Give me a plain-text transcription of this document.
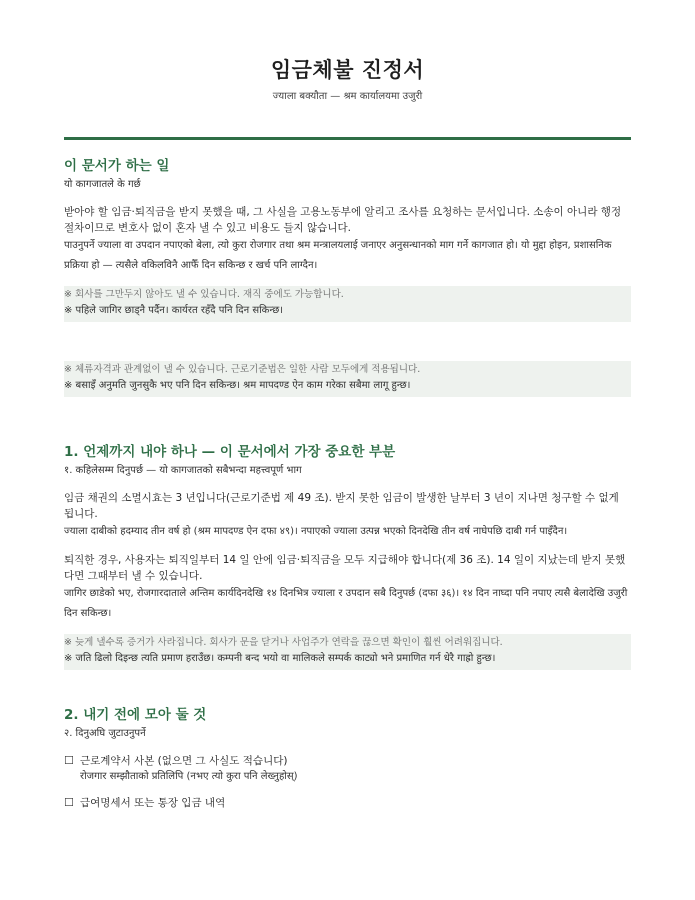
임금체불 진정서
ज्याला बक्यौता — श्रम कार्यालयमा उजुरी
이 문서가 하는 일
यो कागजातले के गर्छ
받아야 할 임금·퇴직금을 받지 못했을 때, 그 사실을 고용노동부에 알리고 조사를 요청하는 문서입니다. 소송이 아니라 행정 절차이므로 변호사 없이 혼자 낼 수 있고 비용도 들지 않습니다.
पाउनुपर्ने ज्याला वा उपदान नपाएको बेला, त्यो कुरा रोजगार तथा श्रम मन्त्रालयलाई जनाएर अनुसन्धानको माग गर्ने कागजात हो। यो मुद्दा होइन, प्रशासनिक प्रक्रिया हो — त्यसैले वकिलविनै आफैँ दिन सकिन्छ र खर्च पनि लाग्दैन।
※ 회사를 그만두지 않아도 낼 수 있습니다. 재직 중에도 가능합니다.
※ पहिले जागिर छाड्नै पर्दैन। कार्यरत रहँदै पनि दिन सकिन्छ।
※ 체류자격과 관계없이 낼 수 있습니다. 근로기준법은 일한 사람 모두에게 적용됩니다.
※ बसाइँ अनुमति जुनसुकै भए पनि दिन सकिन्छ। श्रम मापदण्ड ऐन काम गरेका सबैमा लागू हुन्छ।
1. 언제까지 내야 하나 — 이 문서에서 가장 중요한 부분
१. कहिलेसम्म दिनुपर्छ — यो कागजातको सबैभन्दा महत्त्वपूर्ण भाग
임금 채권의 소멸시효는 3 년입니다(근로기준법 제 49 조). 받지 못한 임금이 발생한 날부터 3 년이 지나면 청구할 수 없게 됩니다.
ज्याला दाबीको हदम्याद तीन वर्ष हो (श्रम मापदण्ड ऐन दफा ४९)। नपाएको ज्याला उत्पन्न भएको दिनदेखि तीन वर्ष नाघेपछि दाबी गर्न पाइँदैन।
퇴직한 경우, 사용자는 퇴직일부터 14 일 안에 임금·퇴직금을 모두 지급해야 합니다(제 36 조). 14 일이 지났는데 받지 못했다면 그때부터 낼 수 있습니다.
जागिर छाडेको भए, रोजगारदाताले अन्तिम कार्यदिनदेखि १४ दिनभित्र ज्याला र उपदान सबै दिनुपर्छ (दफा ३६)। १४ दिन नाघ्दा पनि नपाए त्यसै बेलादेखि उजुरी दिन सकिन्छ।
※ 늦게 낼수록 증거가 사라집니다. 회사가 문을 닫거나 사업주가 연락을 끊으면 확인이 훨씬 어려워집니다.
※ जति ढिलो दिइन्छ त्यति प्रमाण हराउँछ। कम्पनी बन्द भयो वा मालिकले सम्पर्क काट्यो भने प्रमाणित गर्न धेरै गाह्रो हुन्छ।
2. 내기 전에 모아 둘 것
२. दिनुअघि जुटाउनुपर्ने
☐ 근로계약서 사본 (없으면 그 사실도 적습니다)
रोजगार सम्झौताको प्रतिलिपि (नभए त्यो कुरा पनि लेख्नुहोस्)
☐ 급여명세서 또는 통장 입금 내역
